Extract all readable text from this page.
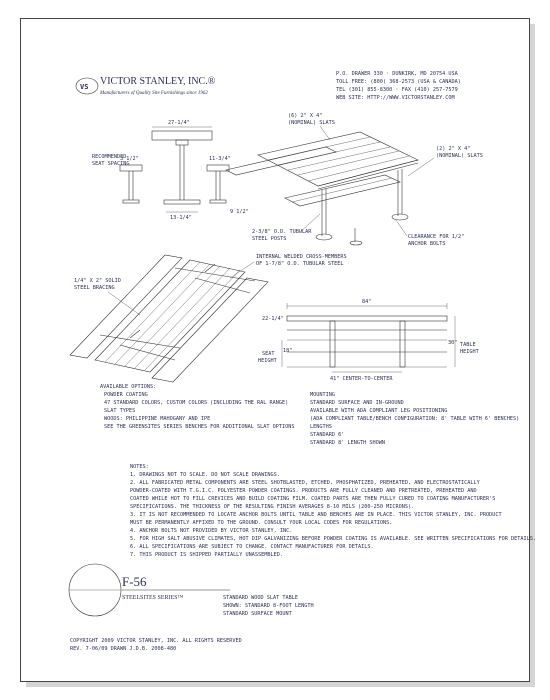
VS VICTOR STANLEY, INC.®
Manufacturers of Quality Site Furnishings since 1962
P.O. DRAWER 330 · DUNKIRK, MD 20754 USA
TOLL FREE: (800) 368-2573 (USA & CANADA)
TEL (301) 855-8300 · FAX (410) 257-7579
WEB SITE: HTTP://WWW.VICTORSTANLEY.COM
27-1/4"
13-1/4"
RECOMMENDED
SEAT SPACING
3 1/2"	11-3/4"
9 1/2"
(6) 2" X 4"
(NOMINAL) SLATS
(2) 2" X 4"
(NOMINAL) SLATS
2-3/8" O.D. TUBULAR
STEEL POSTS	CLEARANCE FOR 1/2"
ANCHOR BOLTS
INTERNAL WELDED CROSS-MEMBERS
OF 1-7/8" O.D. TUBULAR STEEL
1/4" X 2" SOLID
STEEL BRACING
84"
22-1/4"
TABLE
HEIGHT
30"
SEAT
HEIGHT
18"
41" CENTER-TO-CENTER
AVAILABLE OPTIONS:
POWDER COATING
47 STANDARD COLORS, CUSTOM COLORS (INCLUDING THE RAL RANGE)
SLAT TYPES
WOODS: PHILIPPINE MAHOGANY AND IPE
SEE THE GREENSITES SERIES BENCHES FOR ADDITIONAL SLAT OPTIONS
MOUNTING
STANDARD SURFACE AND IN-GROUND
AVAILABLE WITH ADA COMPLIANT LEG POSITIONING
(ADA COMPLIANT TABLE/BENCH CONFIGURATION: 8' TABLE WITH 6' BENCHES)
LENGTHS
STANDARD 6'
STANDARD 8' LENGTH SHOWN
NOTES:
1. DRAWINGS NOT TO SCALE. DO NOT SCALE DRAWINGS.
2. ALL FABRICATED METAL COMPONENTS ARE STEEL SHOTBLASTED, ETCHED, PHOSPHATIZED, PREHEATED, AND ELECTROSTATICALLY
POWDER-COATED WITH T.G.I.C. POLYESTER POWDER COATINGS. PRODUCTS ARE FULLY CLEANED AND PRETREATED, PREHEATED AND
COATED WHILE HOT TO FILL CREVICES AND BUILD COATING FILM. COATED PARTS ARE THEN FULLY CURED TO COATING MANUFACTURER'S
SPECIFICATIONS. THE THICKNESS OF THE RESULTING FINISH AVERAGES 8-10 MILS (200-250 MICRONS).
3. IT IS NOT RECOMMENDED TO LOCATE ANCHOR BOLTS UNTIL TABLE AND BENCHES ARE IN PLACE. THIS VICTOR STANLEY, INC. PRODUCT
MUST BE PERMANENTLY AFFIXED TO THE GROUND. CONSULT YOUR LOCAL CODES FOR REGULATIONS.
4. ANCHOR BOLTS NOT PROVIDED BY VICTOR STANLEY, INC.
5. FOR HIGH SALT ABUSIVE CLIMATES, HOT DIP GALVANIZING BEFORE POWDER COATING IS AVAILABLE. SEE WRITTEN SPECIFICATIONS FOR DETAILS.
6. ALL SPECIFICATIONS ARE SUBJECT TO CHANGE. CONTACT MANUFACTURER FOR DETAILS.
7. THIS PRODUCT IS SHIPPED PARTIALLY UNASSEMBLED.
F-56
STEELSITES SERIES™	STANDARD WOOD SLAT TABLE
SHOWN: STANDARD 8-FOOT LENGTH
STANDARD SURFACE MOUNT
COPYRIGHT 2009 VICTOR STANLEY, INC. ALL RIGHTS RESERVED
REV. 7-06/09 DRAWN J.D.B. 2008-480
